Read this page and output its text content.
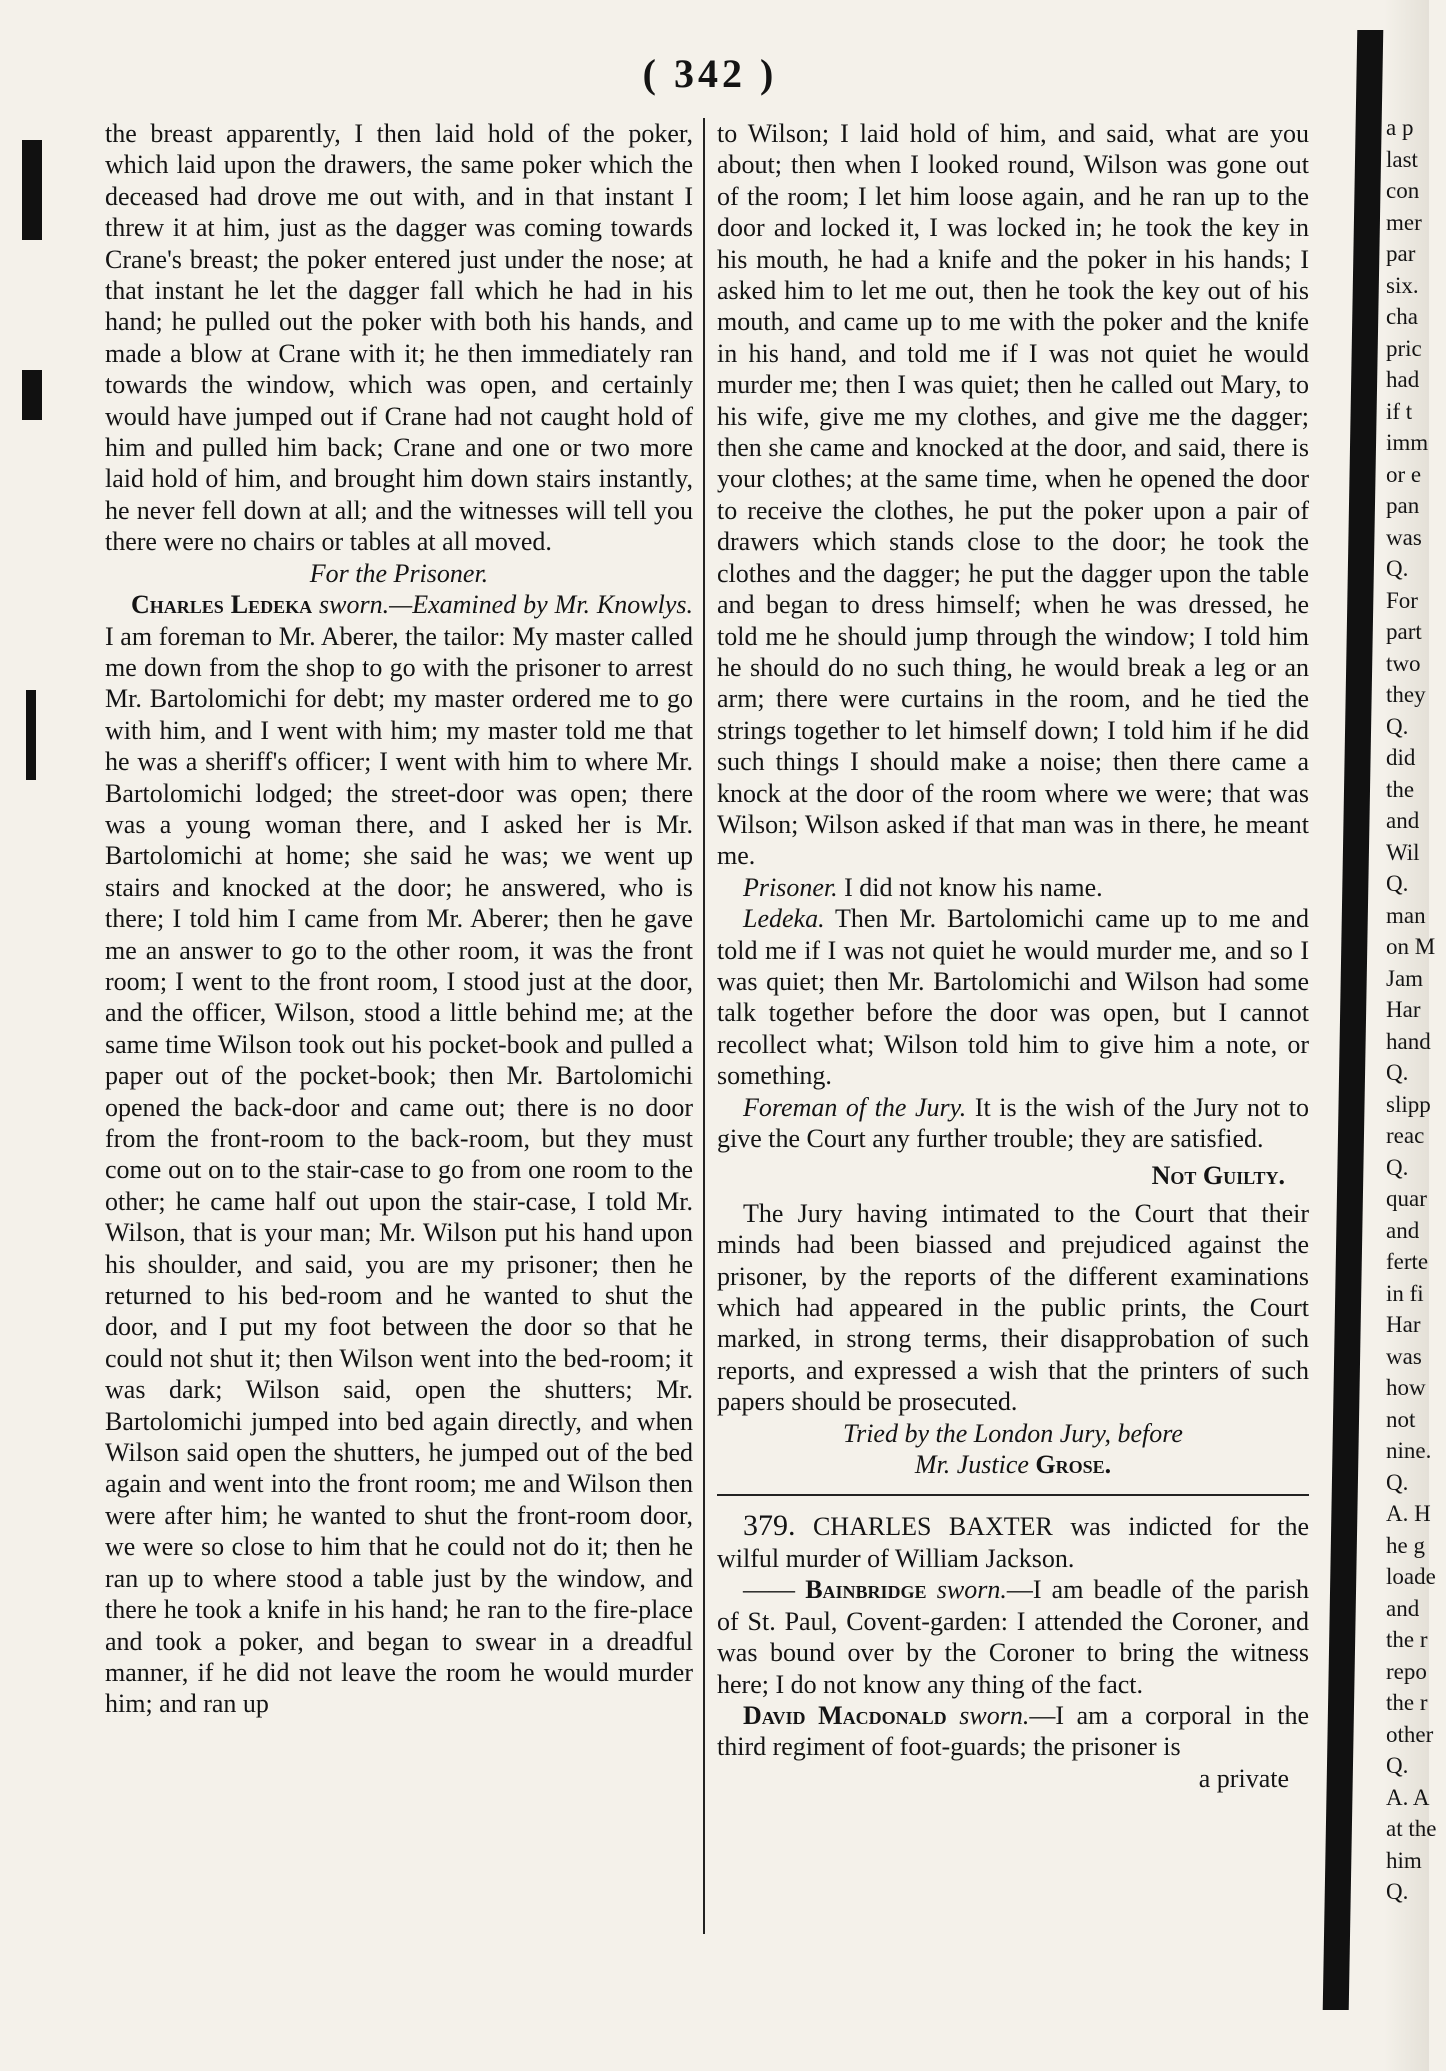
( 342 )

the breast apparently, I then laid hold of the poker, which laid upon the drawers, the same poker which the deceased had drove me out with, and in that instant I threw it at him, just as the dagger was coming towards Crane's breast; the poker entered just under the nose; at that instant he let the dagger fall which he had in his hand; he pulled out the poker with both his hands, and made a blow at Crane with it; he then immediately ran towards the window, which was open, and certainly would have jumped out if Crane had not caught hold of him and pulled him back; Crane and one or two more laid hold of him, and brought him down stairs instantly, he never fell down at all; and the witnesses will tell you there were no chairs or tables at all moved.

For the Prisoner.

Charles Ledeka sworn.—Examined by Mr. Knowlys. I am foreman to Mr. Aberer, the tailor: My master called me down from the shop to go with the prisoner to arrest Mr. Bartolomichi for debt; my master ordered me to go with him, and I went with him; my master told me that he was a sheriff's officer; I went with him to where Mr. Bartolomichi lodged; the street-door was open; there was a young woman there, and I asked her is Mr. Bartolomichi at home; she said he was; we went up stairs and knocked at the door; he answered, who is there; I told him I came from Mr. Aberer; then he gave me an answer to go to the other room, it was the front room; I went to the front room, I stood just at the door, and the officer, Wilson, stood a little behind me; at the same time Wilson took out his pocket-book and pulled a paper out of the pocket-book; then Mr. Bartolomichi opened the back-door and came out; there is no door from the front-room to the back-room, but they must come out on to the stair-case to go from one room to the other; he came half out upon the stair-case, I told Mr. Wilson, that is your man; Mr. Wilson put his hand upon his shoulder, and said, you are my prisoner; then he returned to his bed-room and he wanted to shut the door, and I put my foot between the door so that he could not shut it; then Wilson went into the bed-room; it was dark; Wilson said, open the shutters; Mr. Bartolomichi jumped into bed again directly, and when Wilson said open the shutters, he jumped out of the bed again and went into the front room; me and Wilson then were after him; he wanted to shut the front-room door, we were so close to him that he could not do it; then he ran up to where stood a table just by the window, and there he took a knife in his hand; he ran to the fire-place and took a poker, and began to swear in a dreadful manner, if he did not leave the room he would murder him; and ran up

to Wilson; I laid hold of him, and said, what are you about; then when I looked round, Wilson was gone out of the room; I let him loose again, and he ran up to the door and locked it, I was locked in; he took the key in his mouth, he had a knife and the poker in his hands; I asked him to let me out, then he took the key out of his mouth, and came up to me with the poker and the knife in his hand, and told me if I was not quiet he would murder me; then I was quiet; then he called out Mary, to his wife, give me my clothes, and give me the dagger; then she came and knocked at the door, and said, there is your clothes; at the same time, when he opened the door to receive the clothes, he put the poker upon a pair of drawers which stands close to the door; he took the clothes and the dagger; he put the dagger upon the table and began to dress himself; when he was dressed, he told me he should jump through the window; I told him he should do no such thing, he would break a leg or an arm; there were curtains in the room, and he tied the strings together to let himself down; I told him if he did such things I should make a noise; then there came a knock at the door of the room where we were; that was Wilson; Wilson asked if that man was in there, he meant me.

Prisoner. I did not know his name.

Ledeka. Then Mr. Bartolomichi came up to me and told me if I was not quiet he would murder me, and so I was quiet; then Mr. Bartolomichi and Wilson had some talk together before the door was open, but I cannot recollect what; Wilson told him to give him a note, or something.

Foreman of the Jury. It is the wish of the Jury not to give the Court any further trouble; they are satisfied.

Not Guilty.

The Jury having intimated to the Court that their minds had been biassed and prejudiced against the prisoner, by the reports of the different examinations which had appeared in the public prints, the Court marked, in strong terms, their disapprobation of such reports, and expressed a wish that the printers of such papers should be prosecuted.

Tried by the London Jury, before

Mr. Justice Grose.

379. CHARLES BAXTER was indicted for the wilful murder of William Jackson.

—— Bainbridge sworn.—I am beadle of the parish of St. Paul, Covent-garden: I attended the Coroner, and was bound over by the Coroner to bring the witness here; I do not know any thing of the fact.

David Macdonald sworn.—I am a corporal in the third regiment of foot-guards; the prisoner is

a private

a p
last
con
mer
par
six.
cha
pric
had
if t
imm
or e
pan
was
Q.
For
part
two
they
Q.
did
the
and
Wil
Q.
man
on M
Jam
Har
hand
Q.
slipp
reac
Q.
quar
and
ferte
in fi
Har
was
how
not
nine.
Q.
A. H
he g
loade
and
the r
repo
the r
other
Q.
A. A
at the
him
Q.
